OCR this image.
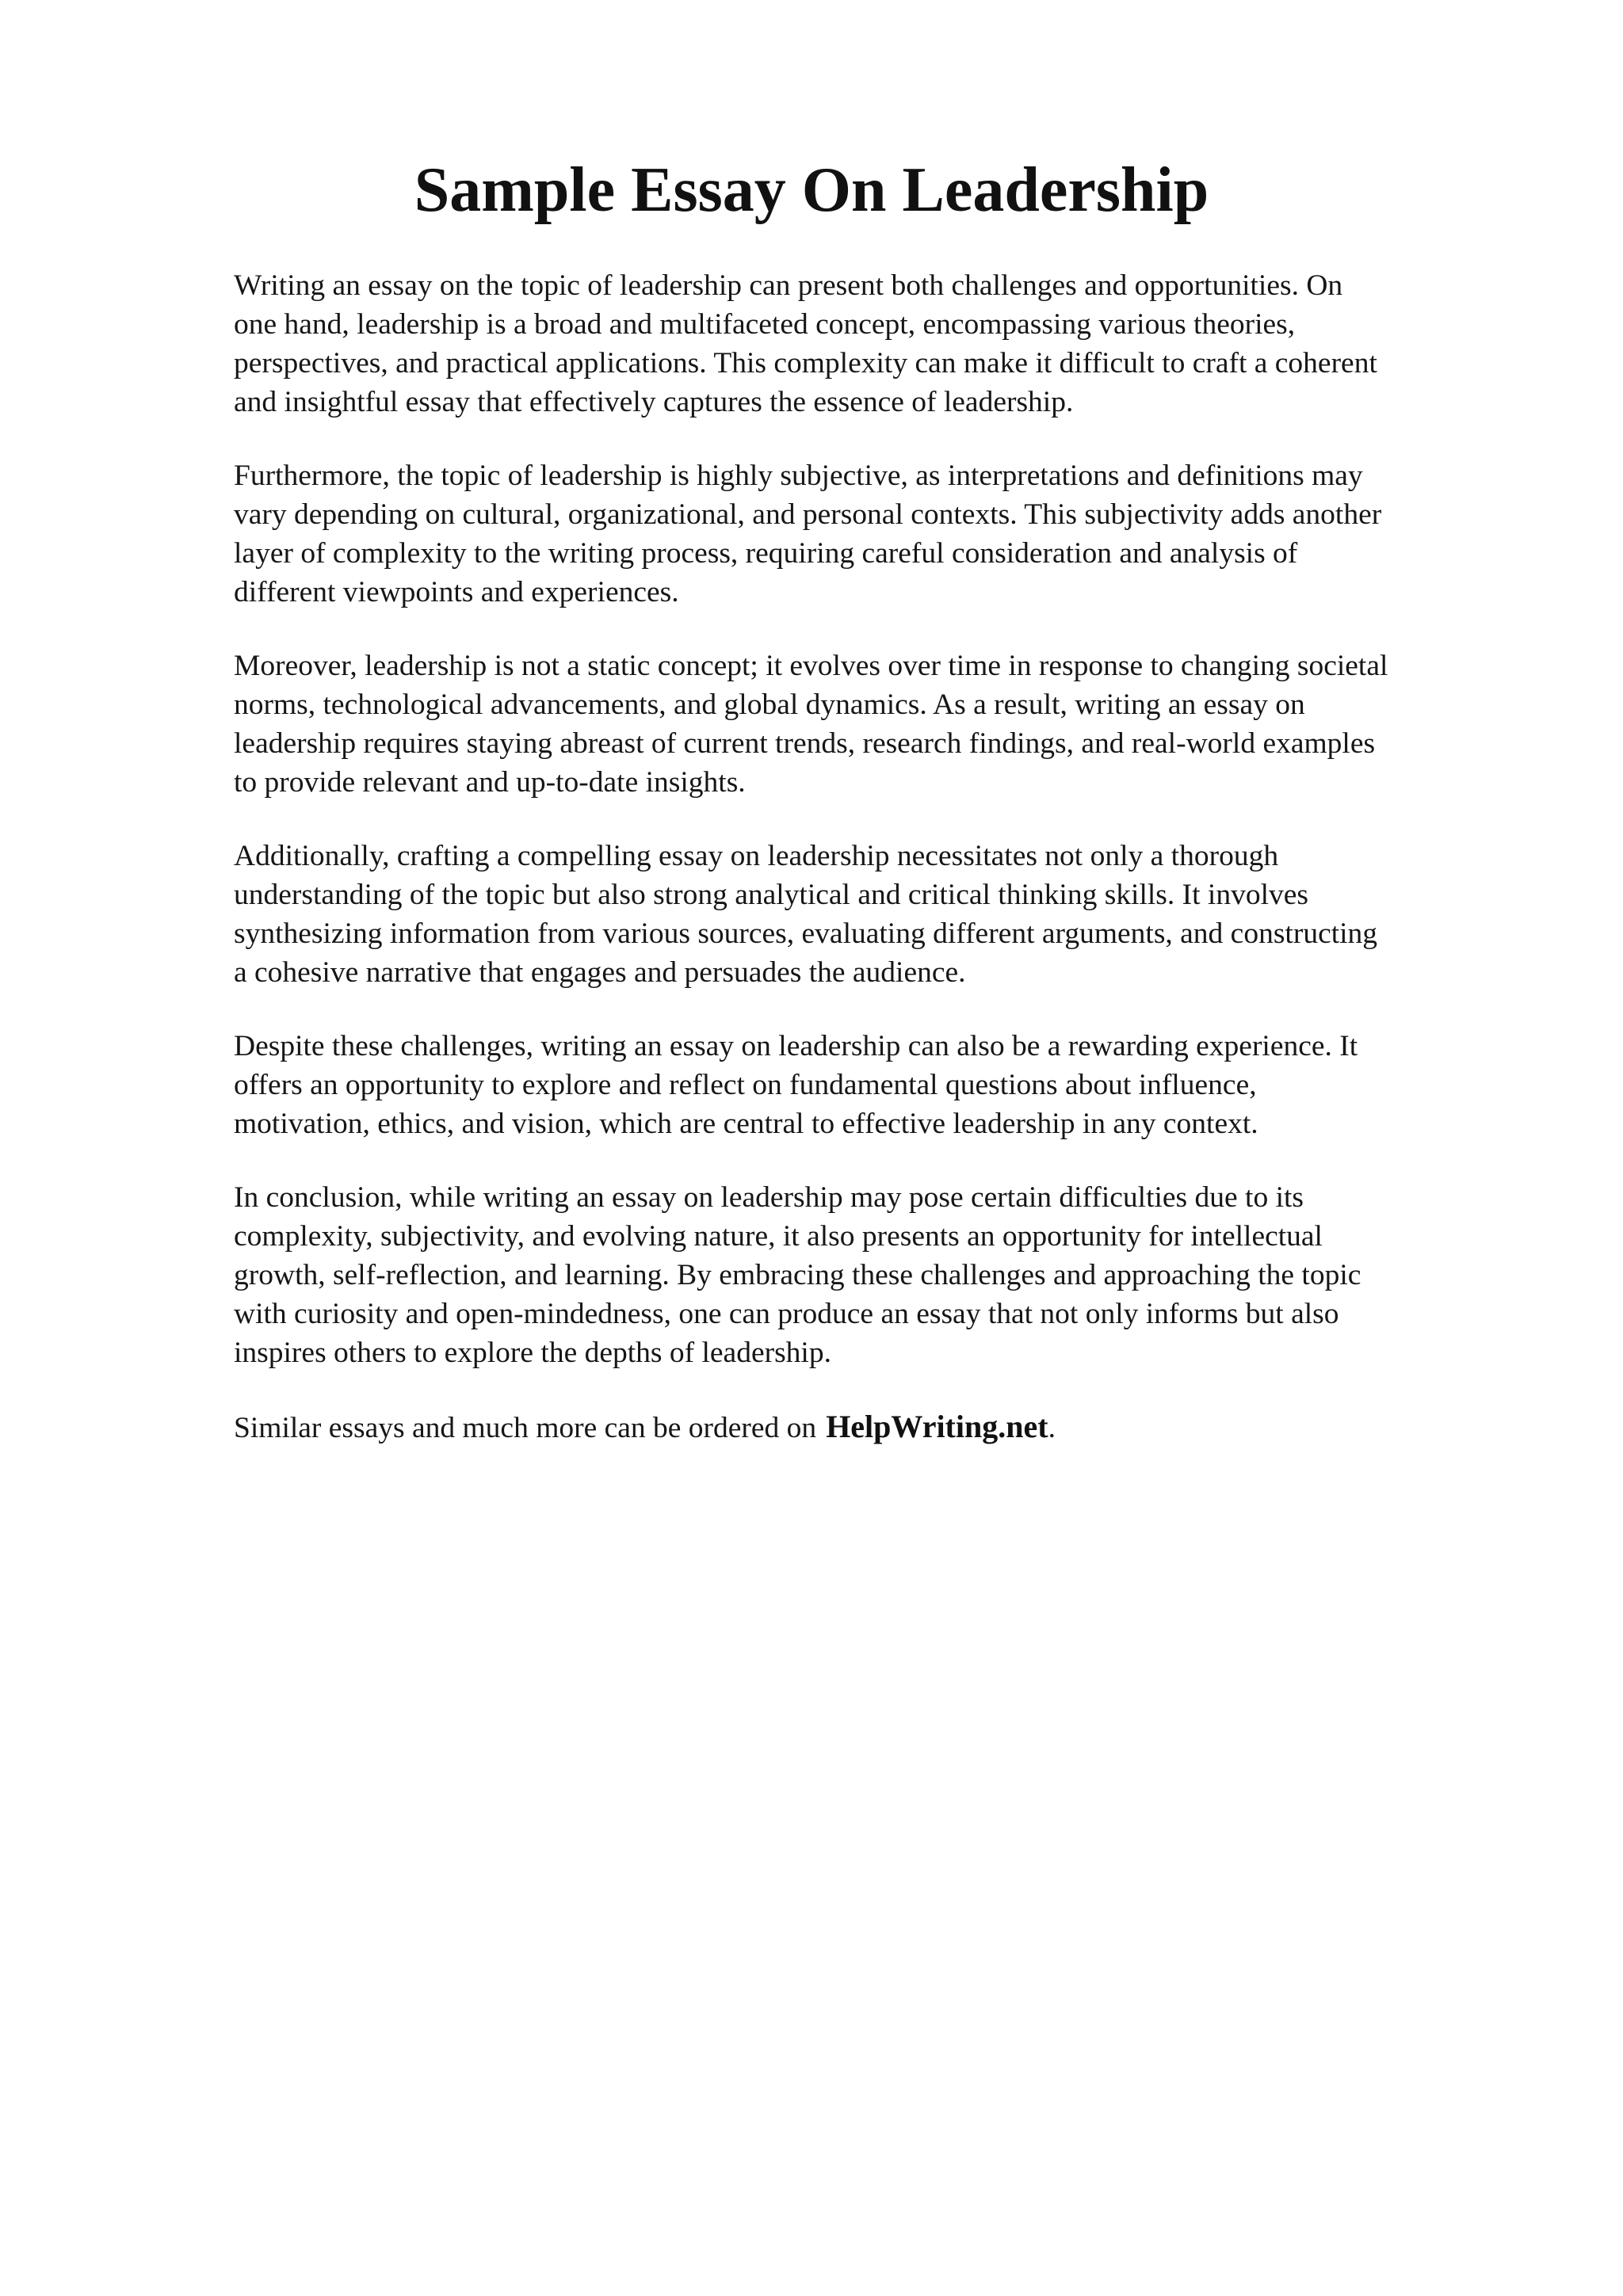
Sample Essay On Leadership

Writing an essay on the topic of leadership can present both challenges and opportunities. On
one hand, leadership is a broad and multifaceted concept, encompassing various theories,
perspectives, and practical applications. This complexity can make it difficult to craft a coherent
and insightful essay that effectively captures the essence of leadership.

Furthermore, the topic of leadership is highly subjective, as interpretations and definitions may
vary depending on cultural, organizational, and personal contexts. This subjectivity adds another
layer of complexity to the writing process, requiring careful consideration and analysis of
different viewpoints and experiences.

Moreover, leadership is not a static concept; it evolves over time in response to changing societal
norms, technological advancements, and global dynamics. As a result, writing an essay on
leadership requires staying abreast of current trends, research findings, and real-world examples
to provide relevant and up-to-date insights.

Additionally, crafting a compelling essay on leadership necessitates not only a thorough
understanding of the topic but also strong analytical and critical thinking skills. It involves
synthesizing information from various sources, evaluating different arguments, and constructing
a cohesive narrative that engages and persuades the audience.

Despite these challenges, writing an essay on leadership can also be a rewarding experience. It
offers an opportunity to explore and reflect on fundamental questions about influence,
motivation, ethics, and vision, which are central to effective leadership in any context.

In conclusion, while writing an essay on leadership may pose certain difficulties due to its
complexity, subjectivity, and evolving nature, it also presents an opportunity for intellectual
growth, self-reflection, and learning. By embracing these challenges and approaching the topic
with curiosity and open-mindedness, one can produce an essay that not only informs but also
inspires others to explore the depths of leadership.

Similar essays and much more can be ordered on HelpWriting.net.
